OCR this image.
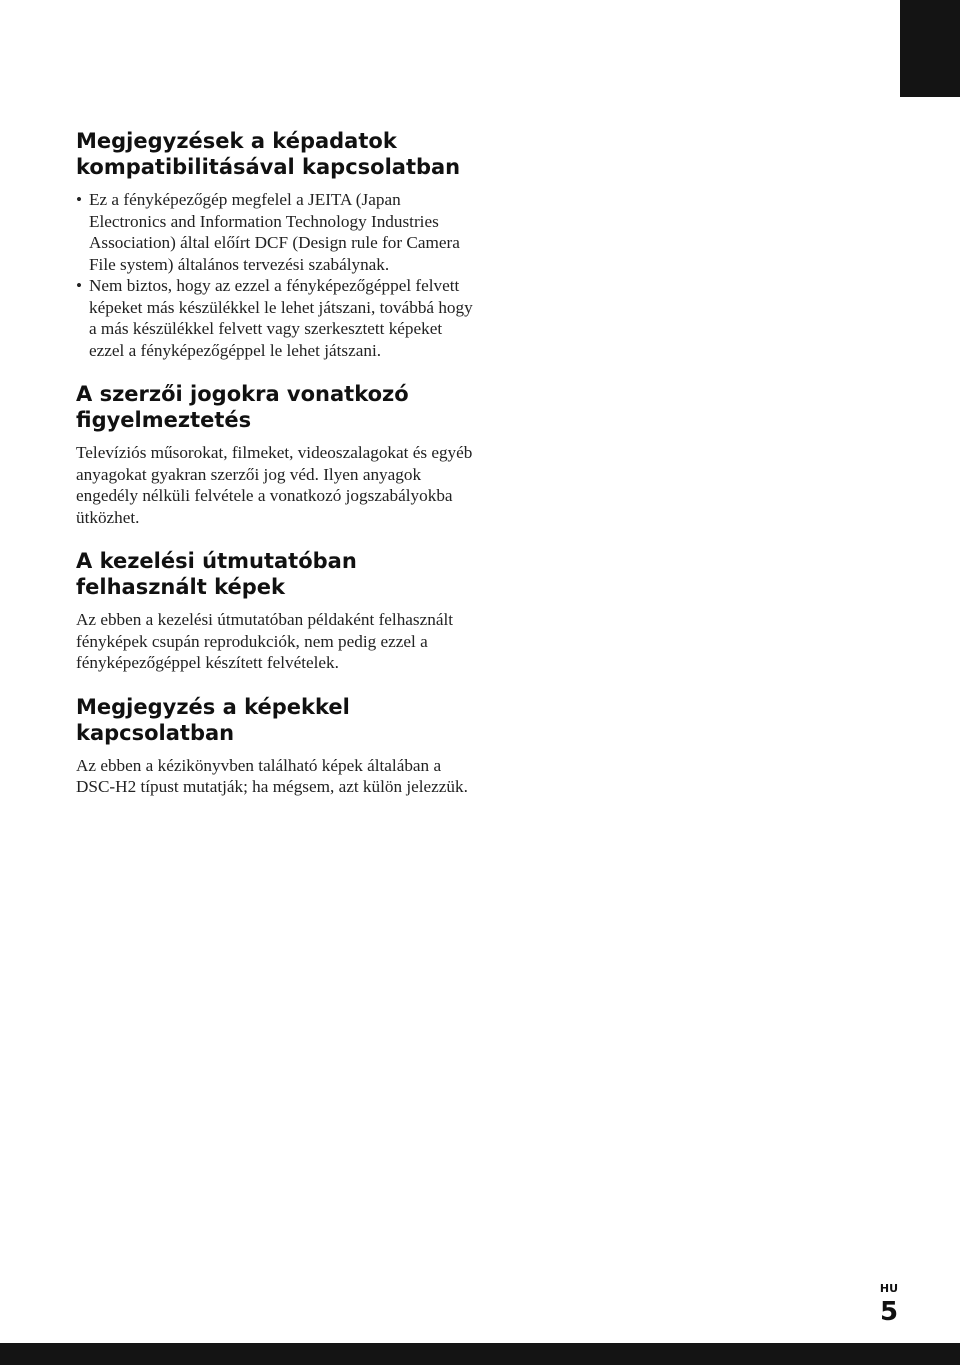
Megjegyzések a képadatok kompatibilitásával kapcsolatban
• Ez a fényképezőgép megfelel a JEITA (Japan Electronics and Information Technology Industries Association) által előírt DCF (Design rule for Camera File system) általános tervezési szabálynak.
• Nem biztos, hogy az ezzel a fényképezőgéppel felvett képeket más készülékkel le lehet játszani, továbbá hogy a más készülékkel felvett vagy szerkesztett képeket ezzel a fényképezőgéppel le lehet játszani.
A szerzői jogokra vonatkozó figyelmeztetés

Televíziós műsorokat, filmeket, videoszalagokat és egyéb anyagokat gyakran szerzői jog véd. Ilyen anyagok engedély nélküli felvétele a vonatkozó jogszabályokba ütközhet.

A kezelési útmutatóban felhasznált képek

Az ebben a kezelési útmutatóban példaként felhasznált fényképek csupán reprodukciók, nem pedig ezzel a fényképezőgéppel készített felvételek.

Megjegyzés a képekkel kapcsolatban

Az ebben a kézikönyvben található képek általában a DSC-H2 típust mutatják; ha mégsem, azt külön jelezzük.

HU
5
